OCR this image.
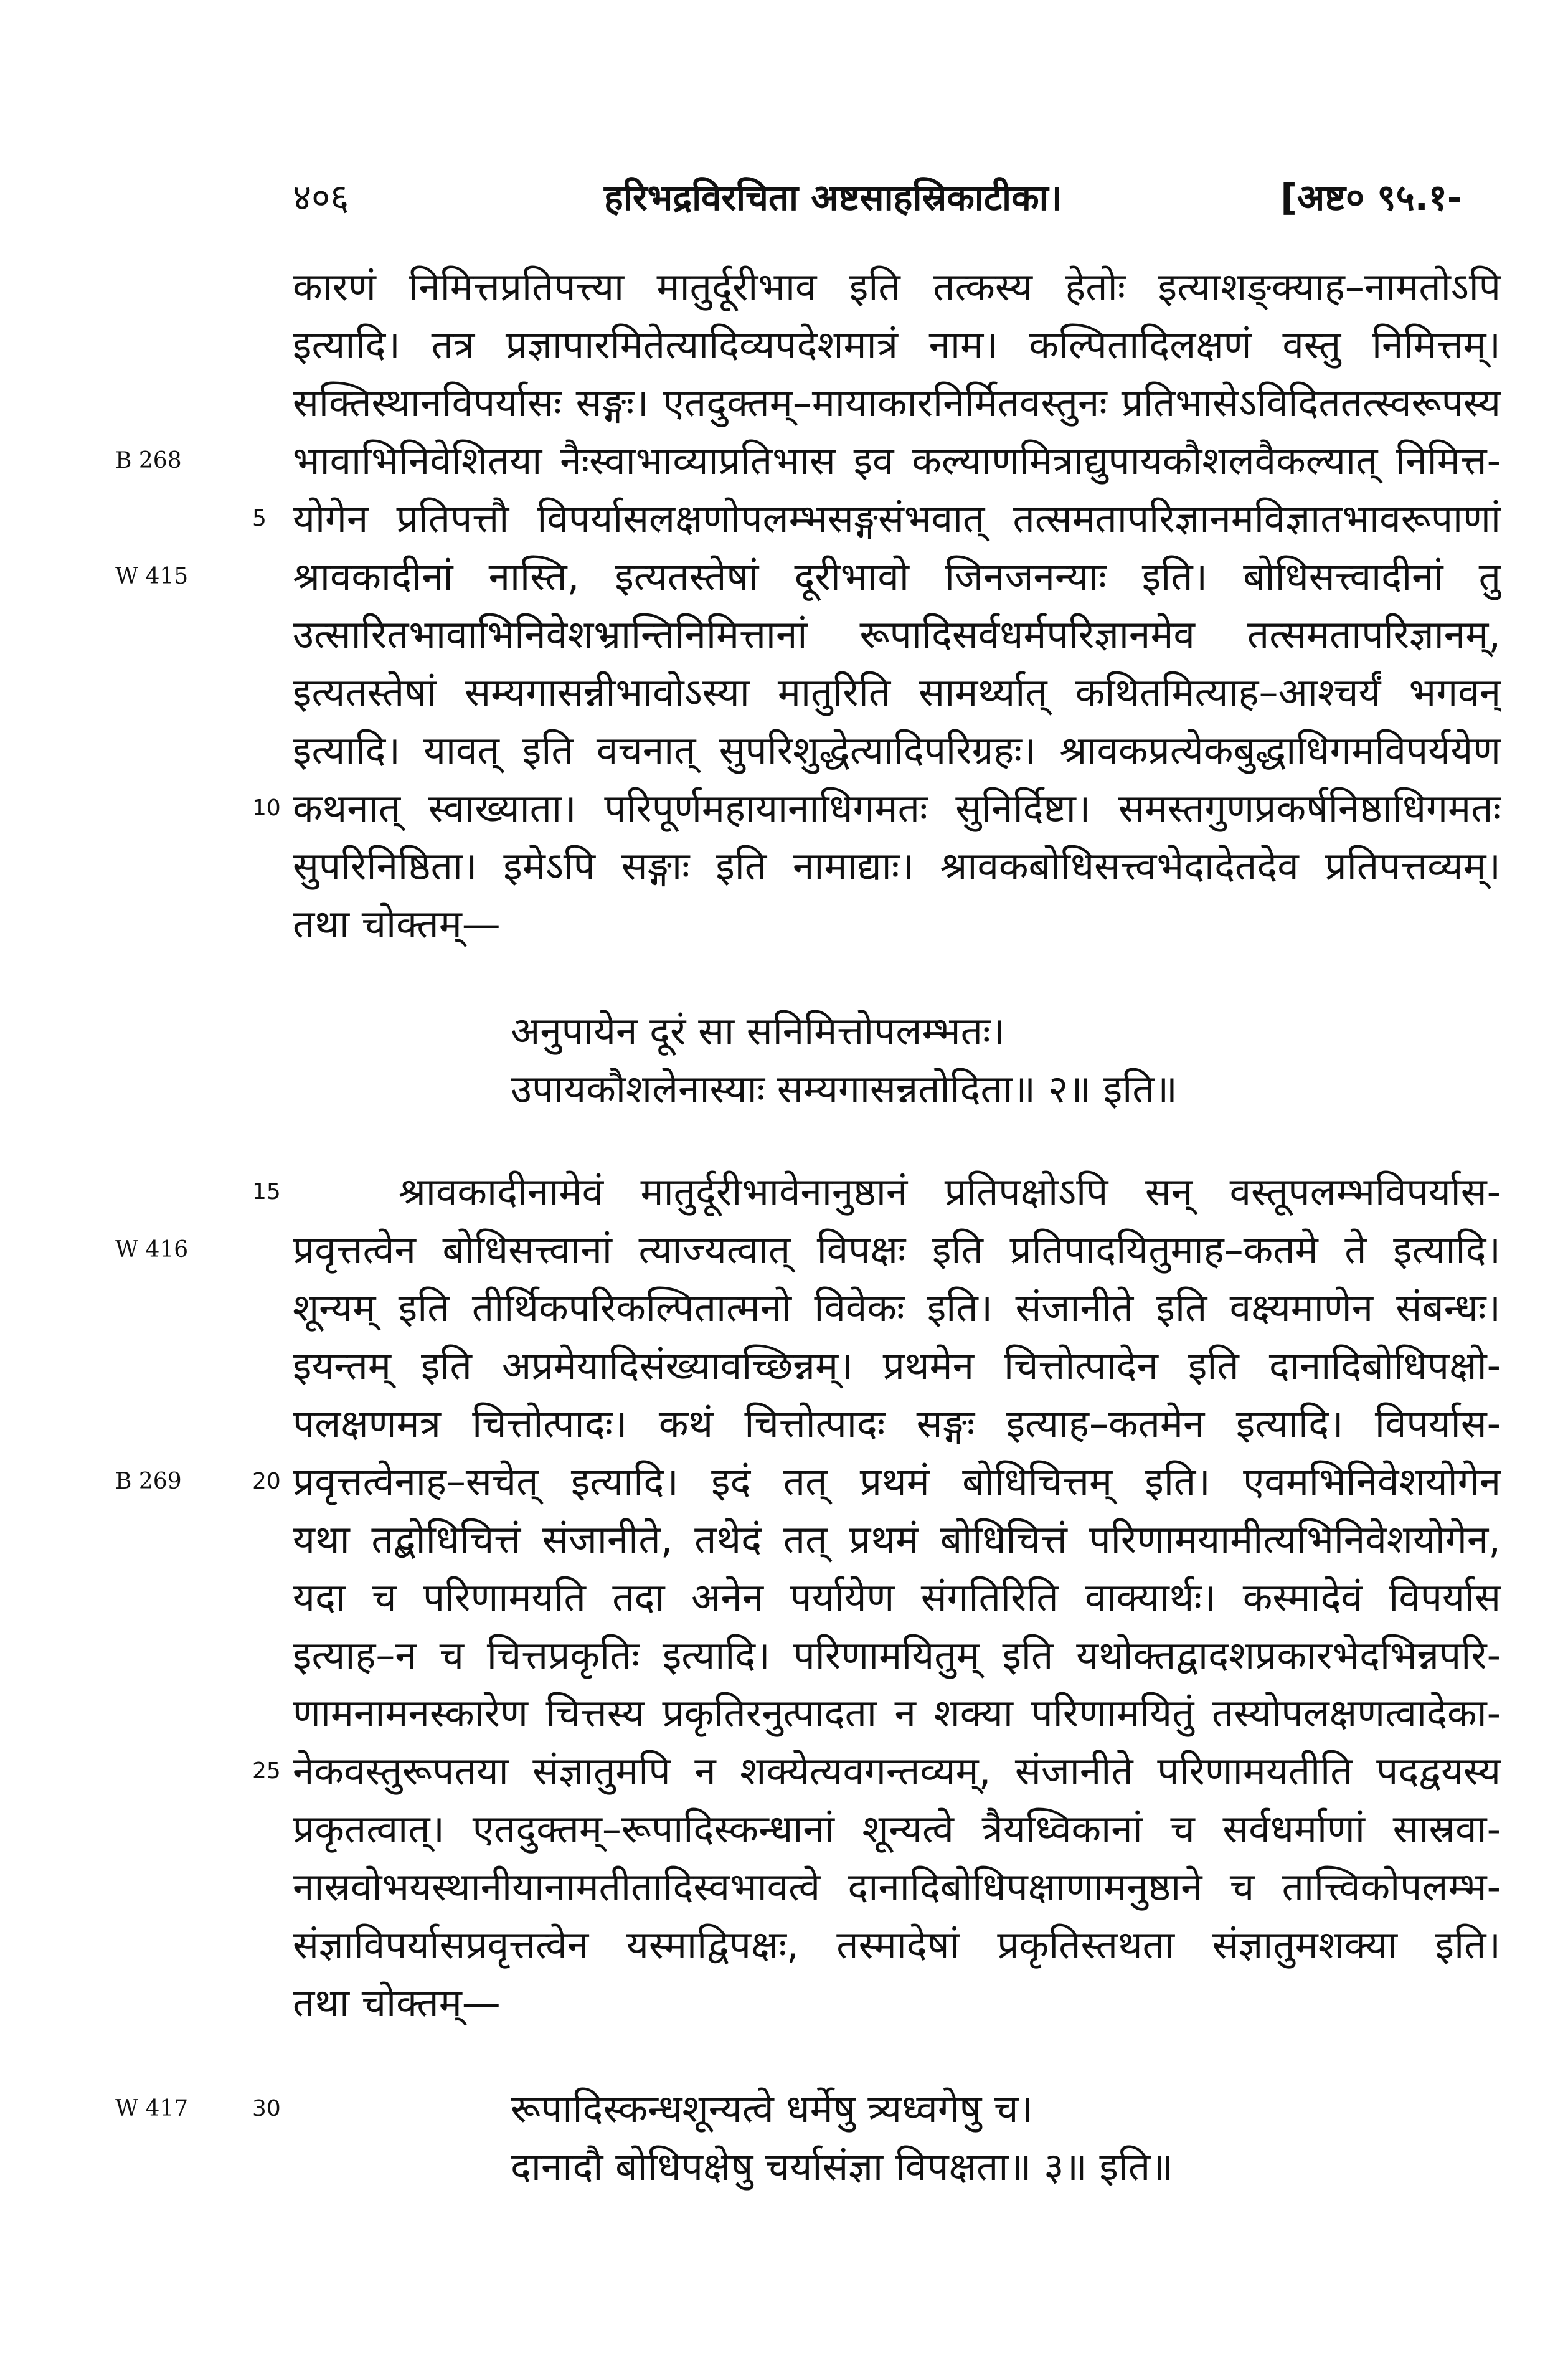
४०६	हरिभद्रविरचिता अष्टसाहस्रिकाटीका।	[अष्ट० ९५.१-
कारणं निमित्तप्रतिपत्त्या मातुर्दूरीभाव इति तत्कस्य हेतोः इत्याशङ्क्याह–नामतोऽपि
इत्यादि। तत्र प्रज्ञापारमितेत्यादिव्यपदेशमात्रं नाम। कल्पितादिलक्षणं वस्तु निमित्तम्।
सक्तिस्थानविपर्यासः सङ्गः। एतदुक्तम्–मायाकारनिर्मितवस्तुनः प्रतिभासेऽविदिततत्स्वरूपस्य
भावाभिनिवेशितया नैःस्वाभाव्याप्रतिभास इव कल्याणमित्राद्युपायकौशलवैकल्यात् निमित्त-
योगेन प्रतिपत्तौ विपर्यासलक्षणोपलम्भसङ्गसंभवात् तत्समतापरिज्ञानमविज्ञातभावरूपाणां
श्रावकादीनां नास्ति, इत्यतस्तेषां दूरीभावो जिनजनन्याः इति। बोधिसत्त्वादीनां तु
उत्सारितभावाभिनिवेशभ्रान्तिनिमित्तानां रूपादिसर्वधर्मपरिज्ञानमेव तत्समतापरिज्ञानम्,
इत्यतस्तेषां सम्यगासन्नीभावोऽस्या मातुरिति सामर्थ्यात् कथितमित्याह–आश्चर्यं भगवन्
इत्यादि। यावत् इति वचनात् सुपरिशुद्धेत्यादिपरिग्रहः। श्रावकप्रत्येकबुद्धाधिगमविपर्ययेण
कथनात् स्वाख्याता। परिपूर्णमहायानाधिगमतः सुनिर्दिष्टा। समस्तगुणप्रकर्षनिष्ठाधिगमतः
सुपरिनिष्ठिता। इमेऽपि सङ्गाः इति नामाद्याः। श्रावकबोधिसत्त्वभेदादेतदेव प्रतिपत्तव्यम्।
तथा चोक्तम्—
अनुपायेन दूरं सा सनिमित्तोपलम्भतः।
उपायकौशलेनास्याः सम्यगासन्नतोदिता॥ २॥ इति॥
श्रावकादीनामेवं मातुर्दूरीभावेनानुष्ठानं प्रतिपक्षोऽपि सन् वस्तूपलम्भविपर्यास-
प्रवृत्तत्वेन बोधिसत्त्वानां त्याज्यत्वात् विपक्षः इति प्रतिपादयितुमाह–कतमे ते इत्यादि।
शून्यम् इति तीर्थिकपरिकल्पितात्मनो विवेकः इति। संजानीते इति वक्ष्यमाणेन संबन्धः।
इयन्तम् इति अप्रमेयादिसंख्यावच्छिन्नम्। प्रथमेन चित्तोत्पादेन इति दानादिबोधिपक्षो-
पलक्षणमत्र चित्तोत्पादः। कथं चित्तोत्पादः सङ्गः इत्याह–कतमेन इत्यादि। विपर्यास-
प्रवृत्तत्वेनाह–सचेत् इत्यादि। इदं तत् प्रथमं बोधिचित्तम् इति। एवमभिनिवेशयोगेन
यथा तद्बोधिचित्तं संजानीते, तथेदं तत् प्रथमं बोधिचित्तं परिणामयामीत्यभिनिवेशयोगेन,
यदा च परिणामयति तदा अनेन पर्यायेण संगतिरिति वाक्यार्थः। कस्मादेवं विपर्यास
इत्याह–न च चित्तप्रकृतिः इत्यादि। परिणामयितुम् इति यथोक्तद्वादशप्रकारभेदभिन्नपरि-
णामनामनस्कारेण चित्तस्य प्रकृतिरनुत्पादता न शक्या परिणामयितुं तस्योपलक्षणत्वादेका-
नेकवस्तुरूपतया संज्ञातुमपि न शक्येत्यवगन्तव्यम्, संजानीते परिणामयतीति पदद्वयस्य
प्रकृतत्वात्। एतदुक्तम्–रूपादिस्कन्धानां शून्यत्वे त्रैयध्विकानां च सर्वधर्माणां सास्रवा-
नास्रवोभयस्थानीयानामतीतादिस्वभावत्वे दानादिबोधिपक्षाणामनुष्ठाने च तात्त्विकोपलम्भ-
संज्ञाविपर्यासप्रवृत्तत्वेन यस्माद्विपक्षः, तस्मादेषां प्रकृतिस्तथता संज्ञातुमशक्या इति।
तथा चोक्तम्—
रूपादिस्कन्धशून्यत्वे धर्मेषु त्र्यध्वगेषु च।
दानादौ बोधिपक्षेषु चर्यासंज्ञा विपक्षता॥ ३॥ इति॥
5
10
15
20
25
30
B 268
W 415
W 416
B 269
W 417
